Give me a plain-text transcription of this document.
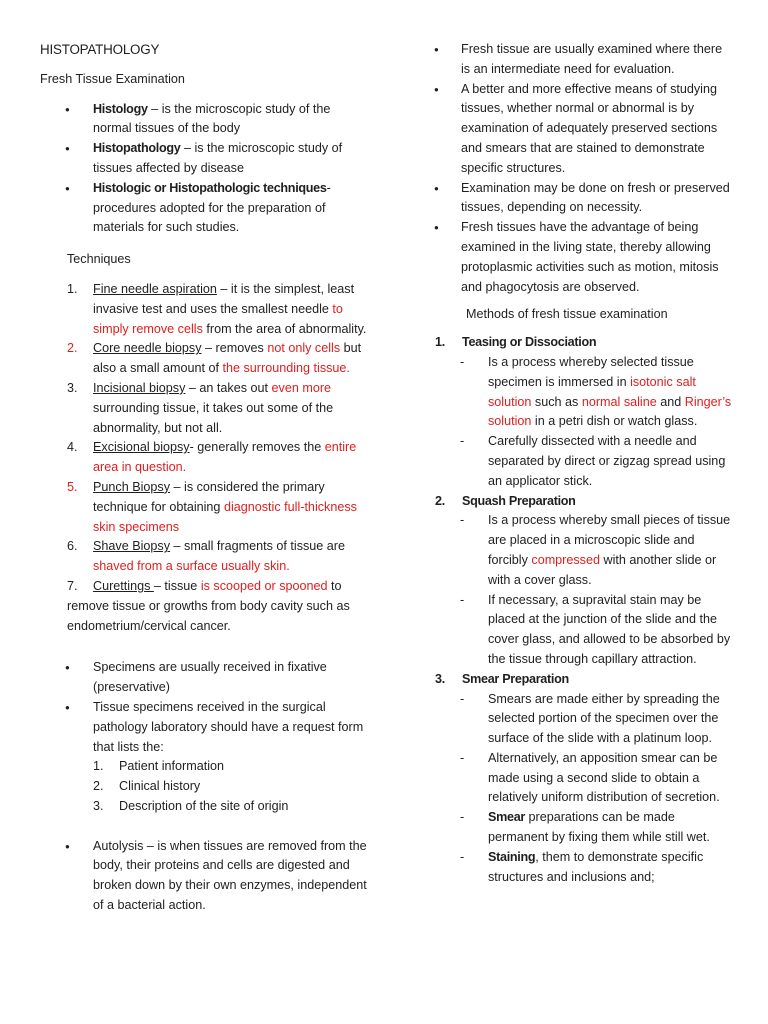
HISTOPATHOLOGY
Fresh Tissue Examination
● Histology – is the microscopic study of the normal tissues of the body
● Histopathology – is the microscopic study of tissues affected by disease
● Histologic or Histopathologic techniques- procedures adopted for the preparation of materials for such studies.
Techniques
1. Fine needle aspiration – it is the simplest, least invasive test and uses the smallest needle to simply remove cells from the area of abnormality.
2. Core needle biopsy – removes not only cells but also a small amount of the surrounding tissue.
3. Incisional biopsy – an takes out even more surrounding tissue, it takes out some of the abnormality, but not all.
4. Excisional biopsy- generally removes the entire area in question.
5. Punch Biopsy – is considered the primary technique for obtaining diagnostic full-thickness skin specimens
6. Shave Biopsy – small fragments of tissue are shaved from a surface usually skin.
7. Curettings – tissue is scooped or spooned to remove tissue or growths from body cavity such as endometrium/cervical cancer.
● Specimens are usually received in fixative (preservative)
● Tissue specimens received in the surgical pathology laboratory should have a request form that lists the:
1. Patient information
2. Clinical history
3. Description of the site of origin
● Autolysis – is when tissues are removed from the body, their proteins and cells are digested and broken down by their own enzymes, independent of a bacterial action.
● Fresh tissue are usually examined where there is an intermediate need for evaluation.
● A better and more effective means of studying tissues, whether normal or abnormal is by examination of adequately preserved sections and smears that are stained to demonstrate specific structures.
● Examination may be done on fresh or preserved tissues, depending on necessity.
● Fresh tissues have the advantage of being examined in the living state, thereby allowing protoplasmic activities such as motion, mitosis and phagocytosis are observed.
Methods of fresh tissue examination
1. Teasing or Dissociation
- Is a process whereby selected tissue specimen is immersed in isotonic salt solution such as normal saline and Ringer’s solution in a petri dish or watch glass.
- Carefully dissected with a needle and separated by direct or zigzag spread using an applicator stick.
2. Squash Preparation
- Is a process whereby small pieces of tissue are placed in a microscopic slide and forcibly compressed with another slide or with a cover glass.
- If necessary, a supravital stain may be placed at the junction of the slide and the cover glass, and allowed to be absorbed by the tissue through capillary attraction.
3. Smear Preparation
- Smears are made either by spreading the selected portion of the specimen over the surface of the slide with a platinum loop.
- Alternatively, an apposition smear can be made using a second slide to obtain a relatively uniform distribution of secretion.
- Smear preparations can be made permanent by fixing them while still wet.
- Staining, them to demonstrate specific structures and inclusions and;
